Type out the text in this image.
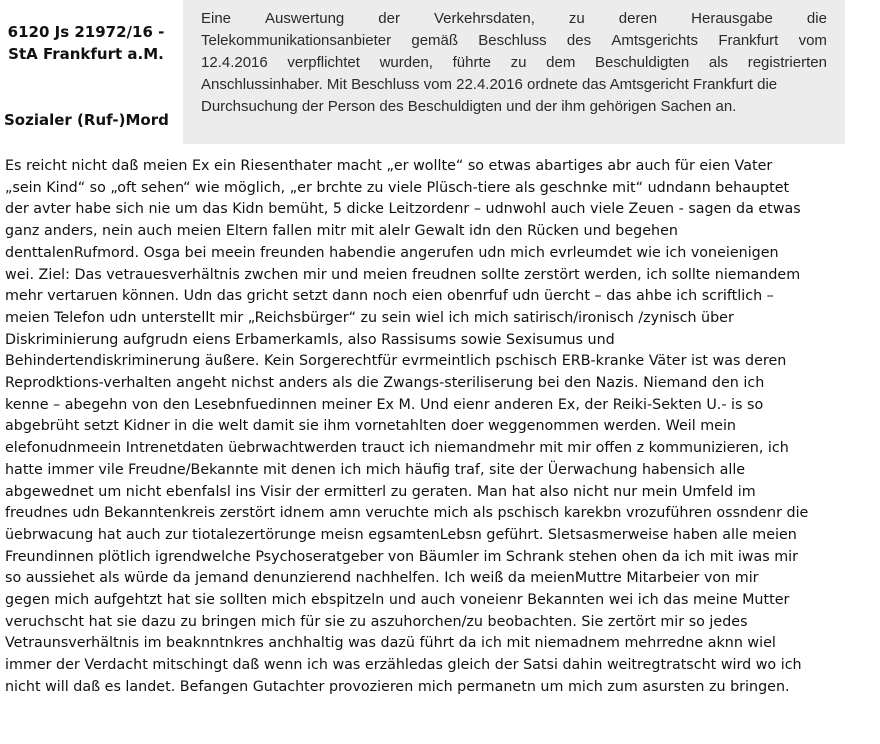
6120 Js 21972/16 -
StA Frankfurt a.M.
Sozialer (Ruf-)Mord
Eine Auswertung der Verkehrsdaten, zu deren Herausgabe die
Telekommunikationsanbieter gemäß Beschluss des Amtsgerichts Frankfurt vom
12.4.2016 verpflichtet wurden, führte zu dem Beschuldigten als registrierten
Anschlussinhaber. Mit Beschluss vom 22.4.2016 ordnete das Amtsgericht Frankfurt die
Durchsuchung der Person des Beschuldigten und der ihm gehörigen Sachen an.
Es reicht nicht daß meien Ex ein Riesenthater macht „er wollte“ so etwas abartiges abr auch für eien Vater
„sein Kind“ so „oft sehen“ wie möglich, „er brchte zu viele Plüsch-tiere als geschnke mit“ udndann behauptet
der avter habe sich nie um das Kidn bemüht, 5 dicke Leitzordenr – udnwohl auch viele Zeuen - sagen da etwas
ganz anders, nein auch meien Eltern fallen mitr mit alelr Gewalt idn den Rücken und begehen
denttalenRufmord. Osga bei meein freunden habendie angerufen udn mich evrleumdet wie ich voneienigen
wei. Ziel: Das vetrauesverhältnis zwchen mir und meien freudnen sollte zerstört werden, ich sollte niemandem
mehr vertaruen können. Udn das gricht setzt dann noch eien obenrfuf udn üercht – das ahbe ich scriftlich –
meien Telefon udn unterstellt mir „Reichsbürger“ zu sein wiel ich mich satirisch/ironisch /zynisch über
Diskriminierung aufgrudn eiens Erbamerkamls, also Rassisums sowie Sexisumus und
Behindertendiskriminerung äußere. Kein Sorgerechtfür evrmeintlich pschisch ERB-kranke Väter ist was deren
Reprodktions-verhalten angeht nichst anders als die Zwangs-steriliserung bei den Nazis. Niemand den ich
kenne – abegehn von den Lesebnfuedinnen meiner Ex M. Und eienr anderen Ex, der Reiki-Sekten U.- is so
abgebrüht setzt Kidner in die welt damit sie ihm vornetahlten doer weggenommen werden. Weil mein
elefonudnmeein Intrenetdaten üebrwachtwerden trauct ich niemandmehr mit mir offen z kommunizieren, ich
hatte immer vile Freudne/Bekannte mit denen ich mich häufig traf, site der Üerwachung habensich alle
abgewednet um nicht ebenfalsl ins Visir der ermitterl zu geraten. Man hat also nicht nur mein Umfeld im
freudnes udn Bekanntenkreis zerstört idnem amn veruchte mich als pschisch karekbn vrozuführen ossndenr die
üebrwacung hat auch zur tiotalezertörunge meisn egsamtenLebsn geführt. Sletsasmerweise haben alle meien
Freundinnen plötlich igrendwelche Psychoseratgeber von Bäumler im Schrank stehen ohen da ich mit iwas mir
so aussiehet als würde da jemand denunzierend nachhelfen. Ich weiß da meienMuttre Mitarbeier von mir
gegen mich aufgehtzt hat sie sollten mich ebspitzeln und auch voneienr Bekannten wei ich das meine Mutter
veruchscht hat sie dazu zu bringen mich für sie zu aszuhorchen/zu beobachten. Sie zertört mir so jedes
Vetraunsverhältnis im beaknntnkres anchhaltig was dazü führt da ich mit niemadnem mehrredne aknn wiel
immer der Verdacht mitschingt daß wenn ich was erzähledas gleich der Satsi dahin weitregtratscht wird wo ich
nicht will daß es landet. Befangen Gutachter provozieren mich permanetn um mich zum asursten zu bringen.
